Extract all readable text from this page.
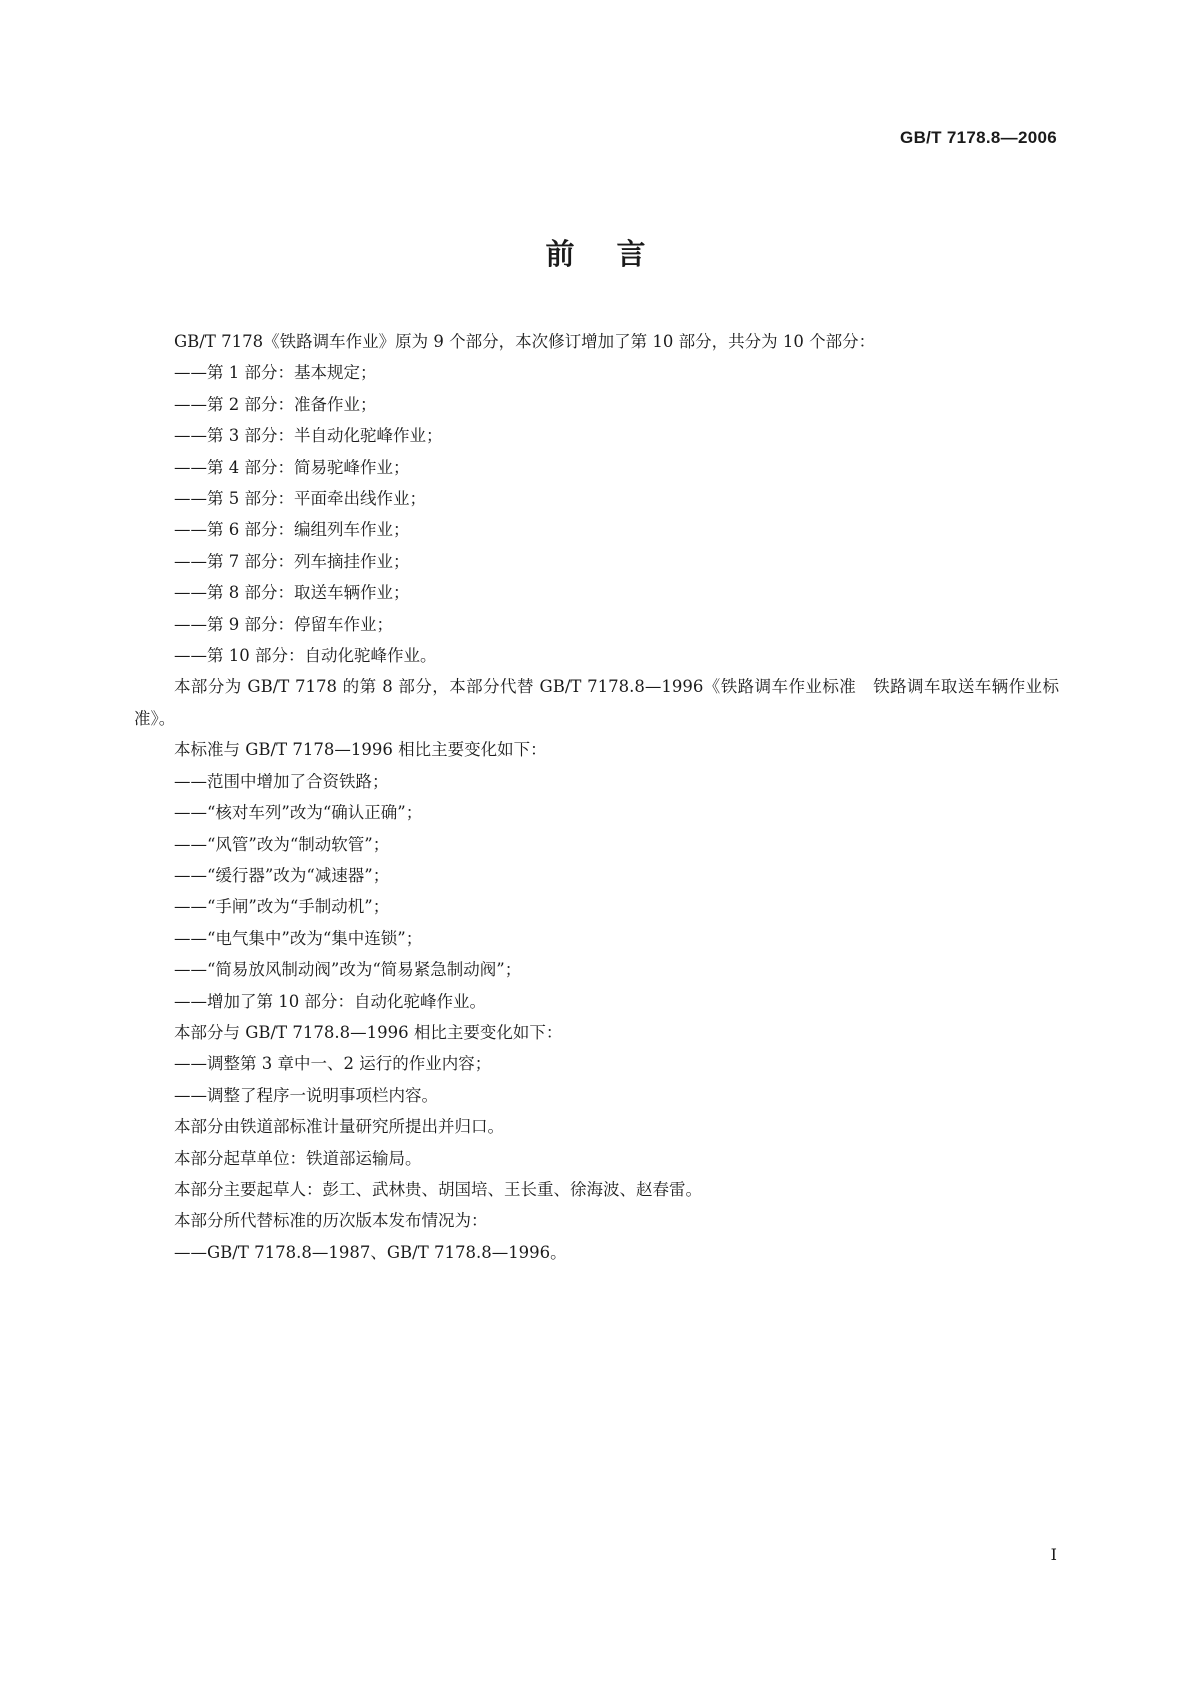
GB/T 7178.8—2006
前言

GB/T 7178《铁路调车作业》原为 9 个部分，本次修订增加了第 10 部分，共分为 10 个部分：

——第 1 部分：基本规定；

——第 2 部分：准备作业；

——第 3 部分：半自动化驼峰作业；

——第 4 部分：简易驼峰作业；

——第 5 部分：平面牵出线作业；

——第 6 部分：编组列车作业；

——第 7 部分：列车摘挂作业；

——第 8 部分：取送车辆作业；

——第 9 部分：停留车作业；

——第 10 部分：自动化驼峰作业。

本部分为 GB/T 7178 的第 8 部分，本部分代替 GB/T 7178.8—1996《铁路调车作业标准　铁路调车取送车辆作业标准》。

本标准与 GB/T 7178—1996 相比主要变化如下：

——范围中增加了合资铁路；

——“核对车列”改为“确认正确”；

——“风管”改为“制动软管”；

——“缓行器”改为“减速器”；

——“手闸”改为“手制动机”；

——“电气集中”改为“集中连锁”；

——“简易放风制动阀”改为“简易紧急制动阀”；

——增加了第 10 部分：自动化驼峰作业。

本部分与 GB/T 7178.8—1996 相比主要变化如下：

——调整第 3 章中一、2 运行的作业内容；

——调整了程序一说明事项栏内容。

本部分由铁道部标准计量研究所提出并归口。

本部分起草单位：铁道部运输局。

本部分主要起草人：彭工、武林贵、胡国培、王长重、徐海波、赵春雷。

本部分所代替标准的历次版本发布情况为：

——GB/T 7178.8—1987、GB/T 7178.8—1996。

I
